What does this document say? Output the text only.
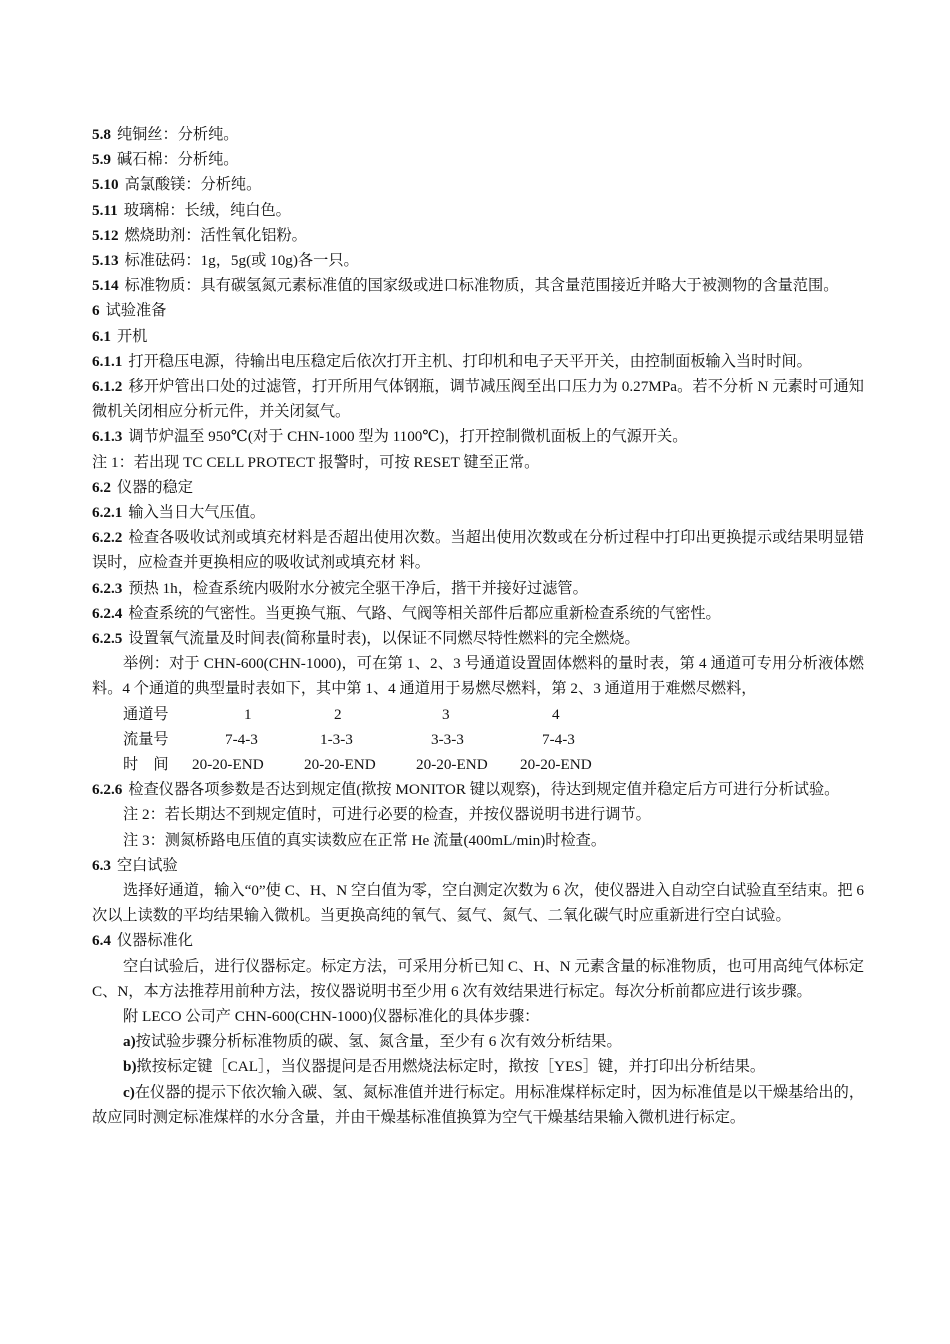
5.8 纯铜丝：分析纯。

5.9 碱石棉：分析纯。

5.10 高氯酸镁：分析纯。

5.11 玻璃棉：长绒，纯白色。

5.12 燃烧助剂：活性氧化铝粉。

5.13 标准砝码：1g，5g(或 10g)各一只。

5.14 标准物质：具有碳氢氮元素标准值的国家级或进口标准物质，其含量范围接近并略大于被测物的含量范围。

6 试验准备

6.1 开机

6.1.1 打开稳压电源，待输出电压稳定后依次打开主机、打印机和电子天平开关，由控制面板输入当时时间。

6.1.2 移开炉管出口处的过滤管，打开所用气体钢瓶，调节减压阀至出口压力为 0.27MPa。若不分析 N 元素时可通知微机关闭相应分析元件，并关闭氦气。

6.1.3 调节炉温至 950℃(对于 CHN-1000 型为 1100℃)，打开控制微机面板上的气源开关。

注 1：若出现 TC CELL PROTECT 报警时，可按 RESET 键至正常。

6.2 仪器的稳定

6.2.1 输入当日大气压值。

6.2.2 检查各吸收试剂或填充材料是否超出使用次数。当超出使用次数或在分析过程中打印出更换提示或结果明显错误时，应检查并更换相应的吸收试剂或填充材 料。

6.2.3 预热 1h，检查系统内吸附水分被完全驱干净后，揩干并接好过滤管。

6.2.4 检查系统的气密性。当更换气瓶、气路、气阀等相关部件后都应重新检查系统的气密性。

6.2.5 设置氧气流量及时间表(简称量时表)，以保证不同燃尽特性燃料的完全燃烧。

举例：对于 CHN-600(CHN-1000)，可在第 1、2、3 号通道设置固体燃料的量时表，第 4 通道可专用分析液体燃料。4 个通道的典型量时表如下，其中第 1、4 通道用于易燃尽燃料，第 2、3 通道用于难燃尽燃料，

通道号	1	2	3	4
流量号	7-4-3	1-3-3	3-3-3	7-4-3
时　间 20-20-END	20-20-END	20-20-END 20-20-END

6.2.6 检查仪器各项参数是否达到规定值(揿按 MONITOR 键以观察)，待达到规定值并稳定后方可进行分析试验。

注 2：若长期达不到规定值时，可进行必要的检查，并按仪器说明书进行调节。

注 3：测氮桥路电压值的真实读数应在正常 He 流量(400mL/min)时检查。

6.3 空白试验

选择好通道，输入“0”使 C、H、N 空白值为零，空白测定次数为 6 次，使仪器进入自动空白试验直至结束。把 6 次以上读数的平均结果输入微机。当更换高纯的氧气、氦气、氮气、二氧化碳气时应重新进行空白试验。

6.4 仪器标准化

空白试验后，进行仪器标定。标定方法，可采用分析已知 C、H、N 元素含量的标准物质，也可用高纯气体标定 C、N，本方法推荐用前种方法，按仪器说明书至少用 6 次有效结果进行标定。每次分析前都应进行该步骤。

附 LECO 公司产 CHN-600(CHN-1000)仪器标准化的具体步骤：

a)按试验步骤分析标准物质的碳、氢、氮含量，至少有 6 次有效分析结果。

b)揿按标定键［CAL］，当仪器提问是否用燃烧法标定时，揿按［YES］键，并打印出分析结果。

c)在仪器的提示下依次输入碳、氢、氮标准值并进行标定。用标准煤样标定时，因为标准值是以干燥基给出的，故应同时测定标准煤样的水分含量，并由干燥基标准值换算为空气干燥基结果输入微机进行标定。
